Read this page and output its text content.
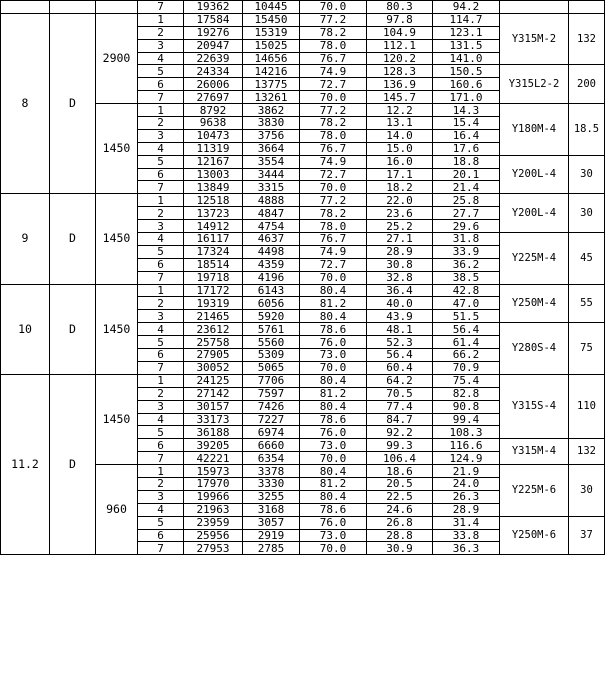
			7	19362	10445	70.0	80.3	94.2		
8	D	2900	1	17584	15450	77.2	97.8	114.7	Y315M-2	132
			2	19276	15319	78.2	104.9	123.1		
			3	20947	15025	78.0	112.1	131.5		
			4	22639	14656	76.7	120.2	141.0		
			5	24334	14216	74.9	128.3	150.5	Y315L2-2	200
			6	26006	13775	72.7	136.9	160.6		
			7	27697	13261	70.0	145.7	171.0		
		1450	1	8792	3862	77.2	12.2	14.3	Y180M-4	18.5
			2	9638	3830	78.2	13.1	15.4		
			3	10473	3756	78.0	14.0	16.4		
			4	11319	3664	76.7	15.0	17.6		
			5	12167	3554	74.9	16.0	18.8	Y200L-4	30
			6	13003	3444	72.7	17.1	20.1		
			7	13849	3315	70.0	18.2	21.4		
9	D	1450	1	12518	4888	77.2	22.0	25.8	Y200L-4	30
			2	13723	4847	78.2	23.6	27.7		
			3	14912	4754	78.0	25.2	29.6		
			4	16117	4637	76.7	27.1	31.8	Y225M-4	45
			5	17324	4498	74.9	28.9	33.9		
			6	18514	4359	72.7	30.8	36.2		
			7	19718	4196	70.0	32.8	38.5		
10	D	1450	1	17172	6143	80.4	36.4	42.8	Y250M-4	55
			2	19319	6056	81.2	40.0	47.0		
			3	21465	5920	80.4	43.9	51.5		
			4	23612	5761	78.6	48.1	56.4	Y280S-4	75
			5	25758	5560	76.0	52.3	61.4		
			6	27905	5309	73.0	56.4	66.2		
			7	30052	5065	70.0	60.4	70.9		
11.2	D	1450	1	24125	7706	80.4	64.2	75.4	Y315S-4	110
			2	27142	7597	81.2	70.5	82.8		
			3	30157	7426	80.4	77.4	90.8		
			4	33173	7227	78.6	84.7	99.4		
			5	36188	6974	76.0	92.2	108.3		
			6	39205	6660	73.0	99.3	116.6	Y315M-4	132
			7	42221	6354	70.0	106.4	124.9		
		960	1	15973	3378	80.4	18.6	21.9	Y225M-6	30
			2	17970	3330	81.2	20.5	24.0		
			3	19966	3255	80.4	22.5	26.3		
			4	21963	3168	78.6	24.6	28.9		
			5	23959	3057	76.0	26.8	31.4	Y250M-6	37
			6	25956	2919	73.0	28.8	33.8		
			7	27953	2785	70.0	30.9	36.3		
